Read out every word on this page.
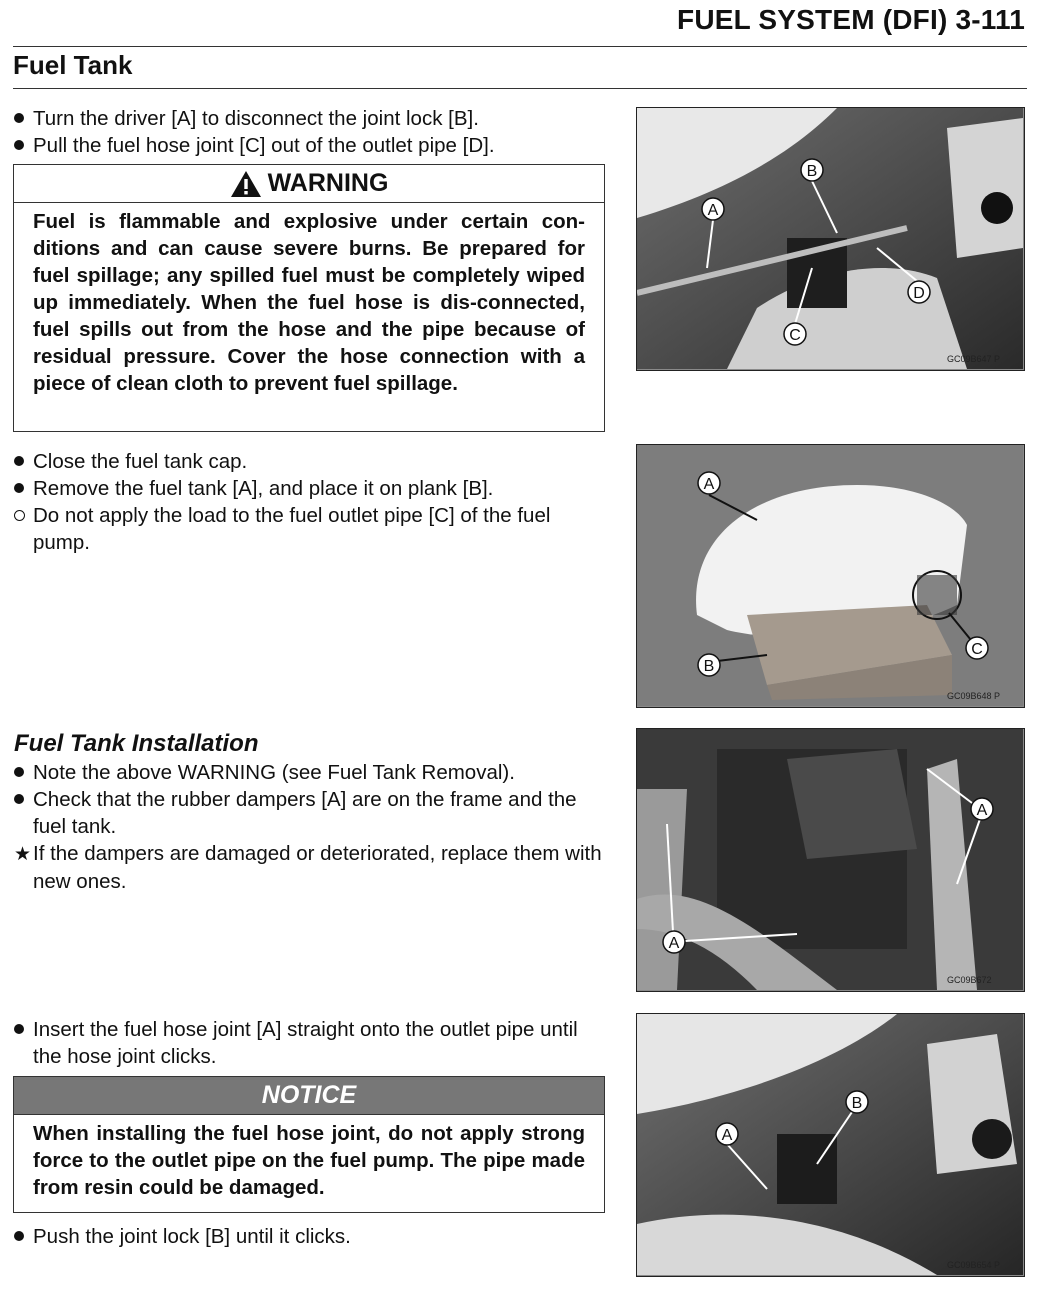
FUEL SYSTEM (DFI) 3-111
Fuel Tank
Turn the driver [A] to disconnect the joint lock [B].
Pull the fuel hose joint [C] out of the outlet pipe [D].
WARNING
Fuel is flammable and explosive under certain con-ditions and can cause severe burns. Be prepared for fuel spillage; any spilled fuel must be completely wiped up immediately. When the fuel hose is dis-connected, fuel spills out from the hose and the pipe because of residual pressure. Cover the hose connection with a piece of clean cloth to prevent fuel spillage.
Close the fuel tank cap.
Remove the fuel tank [A], and place it on plank [B].
Do not apply the load to the fuel outlet pipe [C] of the fuel pump.
Fuel Tank Installation
Note the above WARNING (see Fuel Tank Removal).
Check that the rubber dampers [A] are on the frame and the fuel tank.
★If the dampers are damaged or deteriorated, replace them with new ones.
Insert the fuel hose joint [A] straight onto the outlet pipe until the hose joint clicks.
NOTICE
When installing the fuel hose joint, do not apply strong force to the outlet pipe on the fuel pump. The pipe made from resin could be damaged.
Push the joint lock [B] until it clicks.
A
B
C
D
GC09B647 P
A
B
C
GC09B648 P
A
A
GC09B672
A
B
GC09B654 P
